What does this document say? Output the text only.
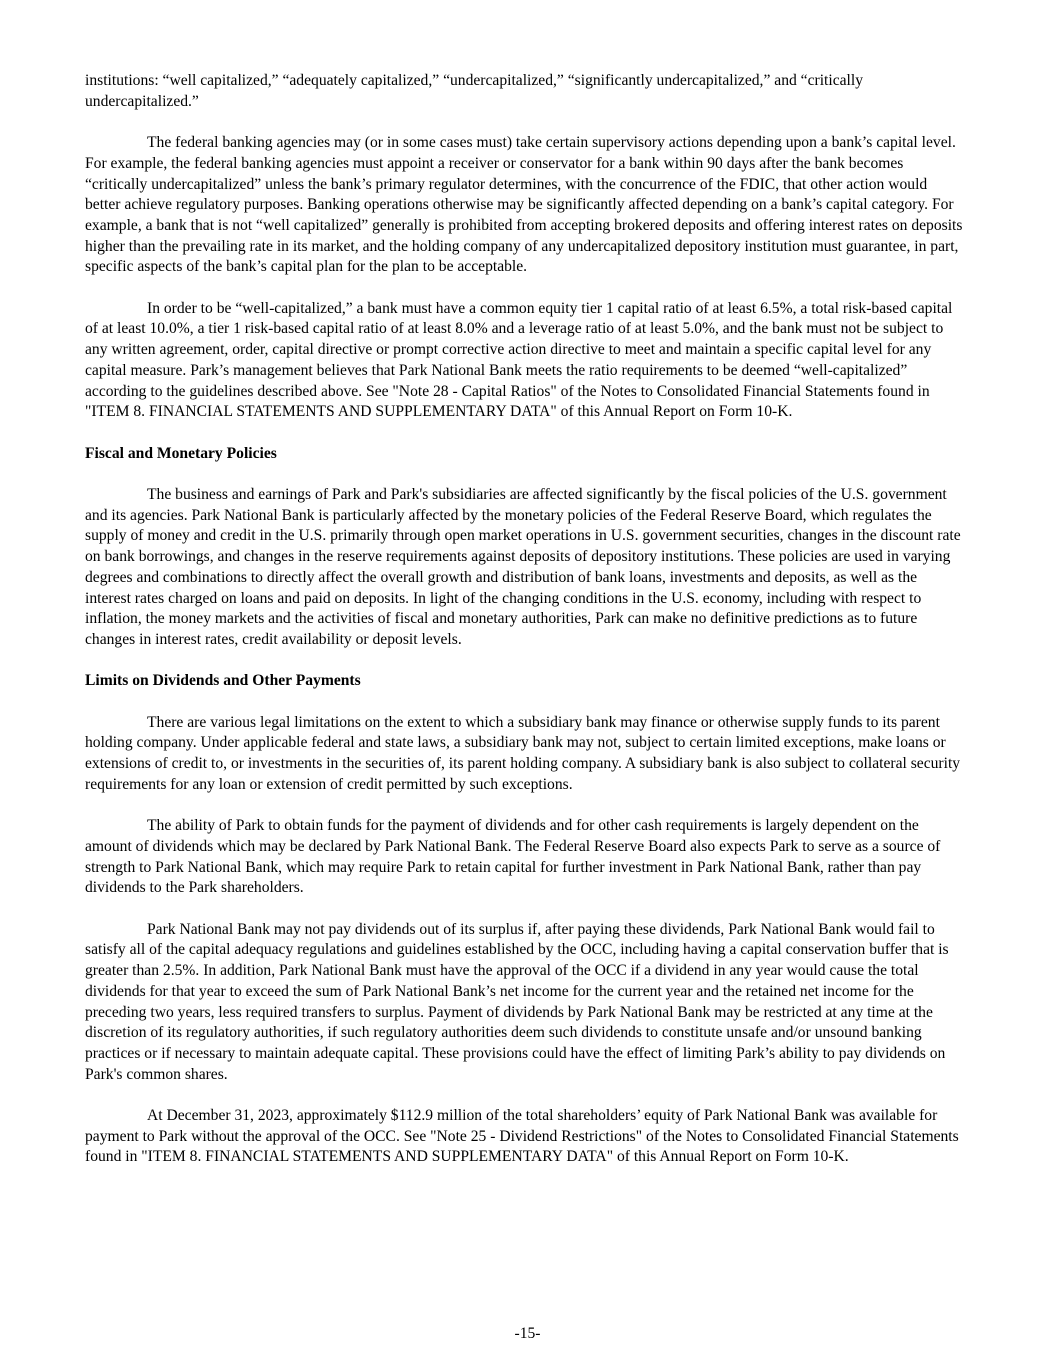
institutions: “well capitalized,” “adequately capitalized,” “undercapitalized,” “significantly undercapitalized,” and “critically undercapitalized.”

The federal banking agencies may (or in some cases must) take certain supervisory actions depending upon a bank’s capital level. For example, the federal banking agencies must appoint a receiver or conservator for a bank within 90 days after the bank becomes “critically undercapitalized” unless the bank’s primary regulator determines, with the concurrence of the FDIC, that other action would better achieve regulatory purposes. Banking operations otherwise may be significantly affected depending on a bank’s capital category. For example, a bank that is not “well capitalized” generally is prohibited from accepting brokered deposits and offering interest rates on deposits higher than the prevailing rate in its market, and the holding company of any undercapitalized depository institution must guarantee, in part, specific aspects of the bank’s capital plan for the plan to be acceptable.

In order to be “well-capitalized,” a bank must have a common equity tier 1 capital ratio of at least 6.5%, a total risk-based capital of at least 10.0%, a tier 1 risk-based capital ratio of at least 8.0% and a leverage ratio of at least 5.0%, and the bank must not be subject to any written agreement, order, capital directive or prompt corrective action directive to meet and maintain a specific capital level for any capital measure. Park’s management believes that Park National Bank meets the ratio requirements to be deemed “well-capitalized” according to the guidelines described above. See "Note 28 - Capital Ratios" of the Notes to Consolidated Financial Statements found in "ITEM 8. FINANCIAL STATEMENTS AND SUPPLEMENTARY DATA" of this Annual Report on Form 10-K.

Fiscal and Monetary Policies

The business and earnings of Park and Park's subsidiaries are affected significantly by the fiscal policies of the U.S. government and its agencies. Park National Bank is particularly affected by the monetary policies of the Federal Reserve Board, which regulates the supply of money and credit in the U.S. primarily through open market operations in U.S. government securities, changes in the discount rate on bank borrowings, and changes in the reserve requirements against deposits of depository institutions. These policies are used in varying degrees and combinations to directly affect the overall growth and distribution of bank loans, investments and deposits, as well as the interest rates charged on loans and paid on deposits. In light of the changing conditions in the U.S. economy, including with respect to inflation, the money markets and the activities of fiscal and monetary authorities, Park can make no definitive predictions as to future changes in interest rates, credit availability or deposit levels.

Limits on Dividends and Other Payments

There are various legal limitations on the extent to which a subsidiary bank may finance or otherwise supply funds to its parent holding company. Under applicable federal and state laws, a subsidiary bank may not, subject to certain limited exceptions, make loans or extensions of credit to, or investments in the securities of, its parent holding company. A subsidiary bank is also subject to collateral security requirements for any loan or extension of credit permitted by such exceptions.

The ability of Park to obtain funds for the payment of dividends and for other cash requirements is largely dependent on the amount of dividends which may be declared by Park National Bank. The Federal Reserve Board also expects Park to serve as a source of strength to Park National Bank, which may require Park to retain capital for further investment in Park National Bank, rather than pay dividends to the Park shareholders.

Park National Bank may not pay dividends out of its surplus if, after paying these dividends, Park National Bank would fail to satisfy all of the capital adequacy regulations and guidelines established by the OCC, including having a capital conservation buffer that is greater than 2.5%. In addition, Park National Bank must have the approval of the OCC if a dividend in any year would cause the total dividends for that year to exceed the sum of Park National Bank’s net income for the current year and the retained net income for the preceding two years, less required transfers to surplus. Payment of dividends by Park National Bank may be restricted at any time at the discretion of its regulatory authorities, if such regulatory authorities deem such dividends to constitute unsafe and/or unsound banking practices or if necessary to maintain adequate capital. These provisions could have the effect of limiting Park’s ability to pay dividends on Park's common shares.

At December 31, 2023, approximately $112.9 million of the total shareholders’ equity of Park National Bank was available for payment to Park without the approval of the OCC. See "Note 25 - Dividend Restrictions" of the Notes to Consolidated Financial Statements found in "ITEM 8. FINANCIAL STATEMENTS AND SUPPLEMENTARY DATA" of this Annual Report on Form 10-K.

-15-
